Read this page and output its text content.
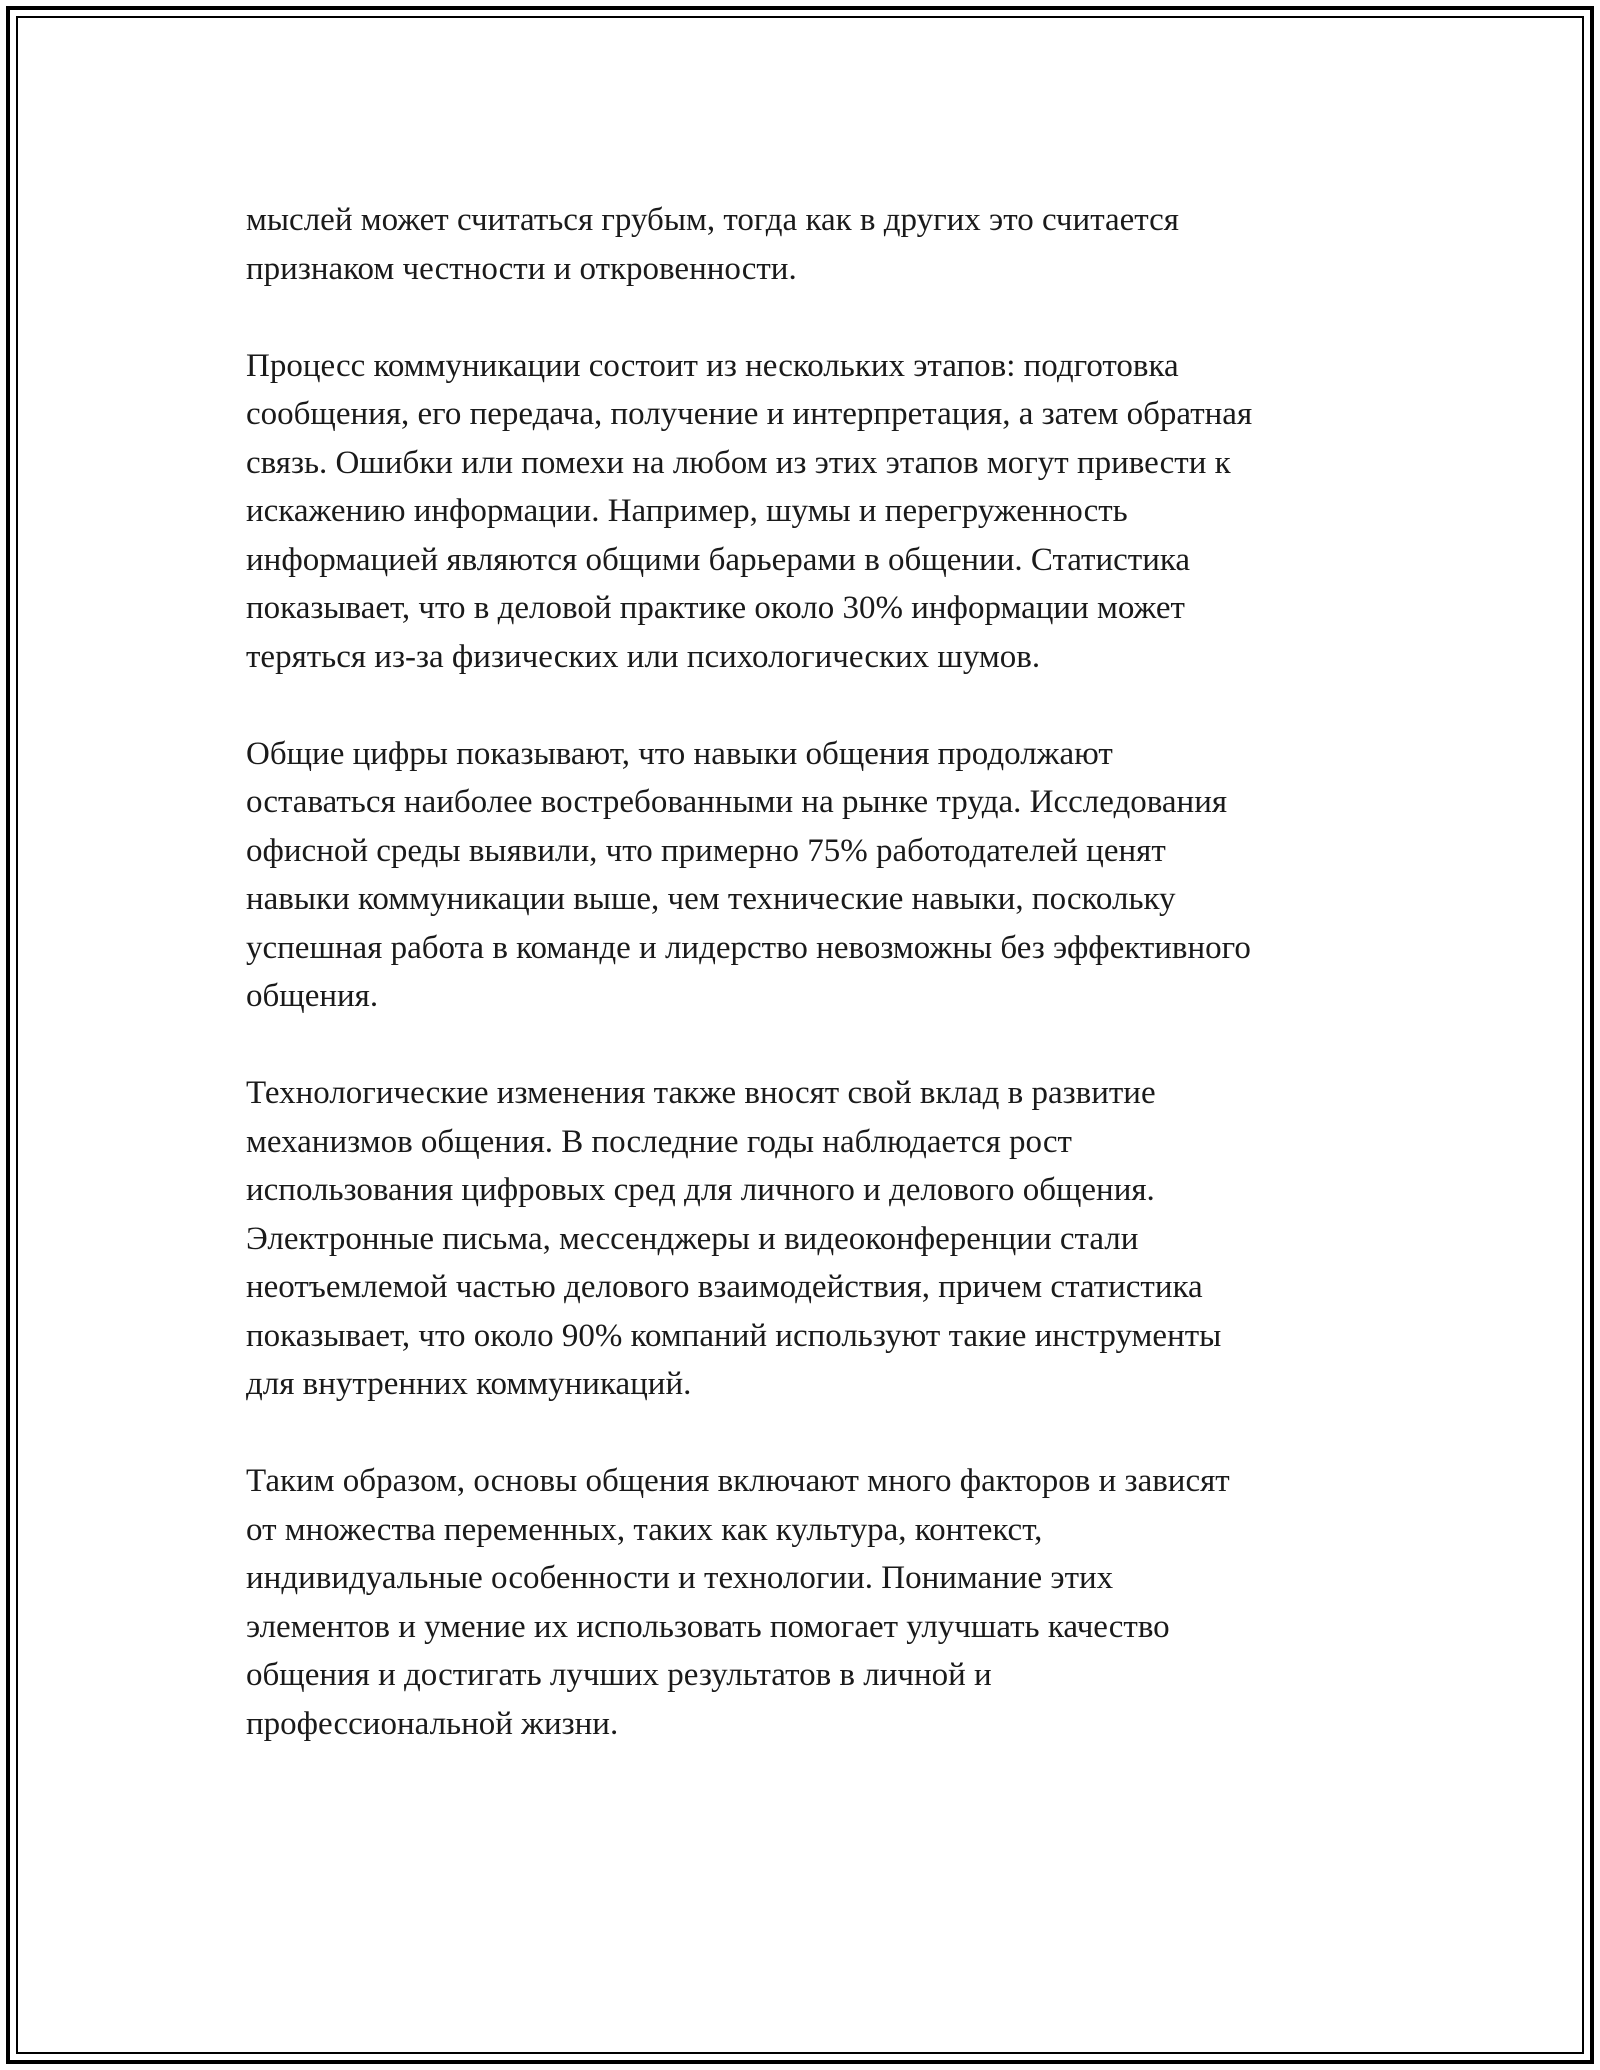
мыслей может считаться грубым, тогда как в других это считается
признаком честности и откровенности.

Процесс коммуникации состоит из нескольких этапов: подготовка
сообщения, его передача, получение и интерпретация, а затем обратная
связь. Ошибки или помехи на любом из этих этапов могут привести к
искажению информации. Например, шумы и перегруженность
информацией являются общими барьерами в общении. Статистика
показывает, что в деловой практике около 30% информации может
теряться из-за физических или психологических шумов.

Общие цифры показывают, что навыки общения продолжают
оставаться наиболее востребованными на рынке труда. Исследования
офисной среды выявили, что примерно 75% работодателей ценят
навыки коммуникации выше, чем технические навыки, поскольку
успешная работа в команде и лидерство невозможны без эффективного
общения.

Технологические изменения также вносят свой вклад в развитие
механизмов общения. В последние годы наблюдается рост
использования цифровых сред для личного и делового общения.
Электронные письма, мессенджеры и видеоконференции стали
неотъемлемой частью делового взаимодействия, причем статистика
показывает, что около 90% компаний используют такие инструменты
для внутренних коммуникаций.

Таким образом, основы общения включают много факторов и зависят
от множества переменных, таких как культура, контекст,
индивидуальные особенности и технологии. Понимание этих
элементов и умение их использовать помогает улучшать качество
общения и достигать лучших результатов в личной и
профессиональной жизни.
